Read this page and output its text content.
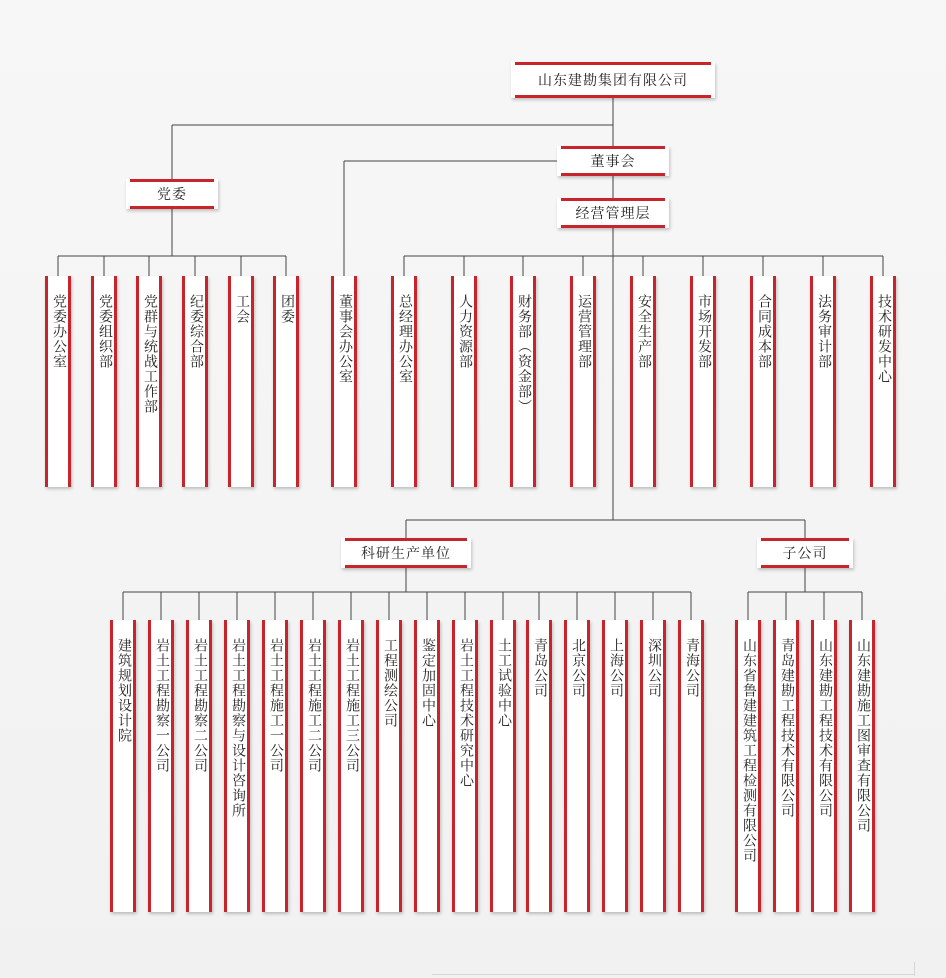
山东建勘集团有限公司
党委
董事会
经营管理层
科研生产单位	子公司
党委办公室 党委组织部 党群与统战工作部 纪委综合部 工会 团委	董事会办公室	总经理办公室	人力资源部	财务部（资金部）	运营管理部	安全生产部	市场开发部	合同成本部	法务审计部	技术研发中心
建筑规划设计院 岩土工程勘察一公司 岩土工程勘察二公司 岩土工程勘察与设计咨询所 岩土工程施工一公司 岩土工程施工二公司 岩土工程施工三公司 工程测绘公司 鉴定加固中心 岩土工程技术研究中心 土工试验中心 青岛公司 北京公司 上海公司 深圳公司 青海公司	山东省鲁建建筑工程检测有限公司 青岛建勘工程技术有限公司 山东建勘工程技术有限公司 山东建勘施工图审查有限公司
